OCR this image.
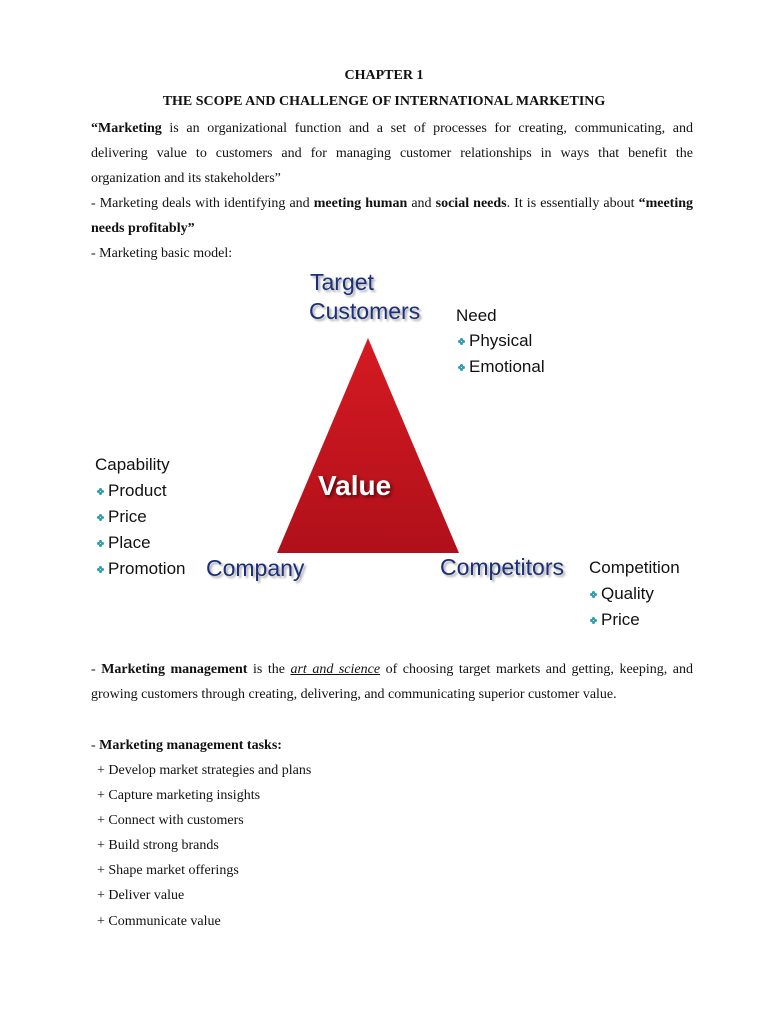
CHAPTER 1
THE SCOPE AND CHALLENGE OF INTERNATIONAL MARKETING
“Marketing is an organizational function and a set of processes for creating, communicating, and delivering value to customers and for managing customer relationships in ways that benefit the organization and its stakeholders”
- Marketing deals with identifying and meeting human and social needs. It is essentially about “meeting needs profitably”
- Marketing basic model:
Target
Customers
Value
Company	Competitors
Need
Physical
Emotional
Capability
Product
Price
Place
Promotion	Competition
Quality
Price
- Marketing management is the art and science of choosing target markets and getting, keeping, and growing customers through creating, delivering, and communicating superior customer value.
- Marketing management tasks:
+ Develop market strategies and plans
+ Capture marketing insights
+ Connect with customers
+ Build strong brands
+ Shape market offerings
+ Deliver value
+ Communicate value
